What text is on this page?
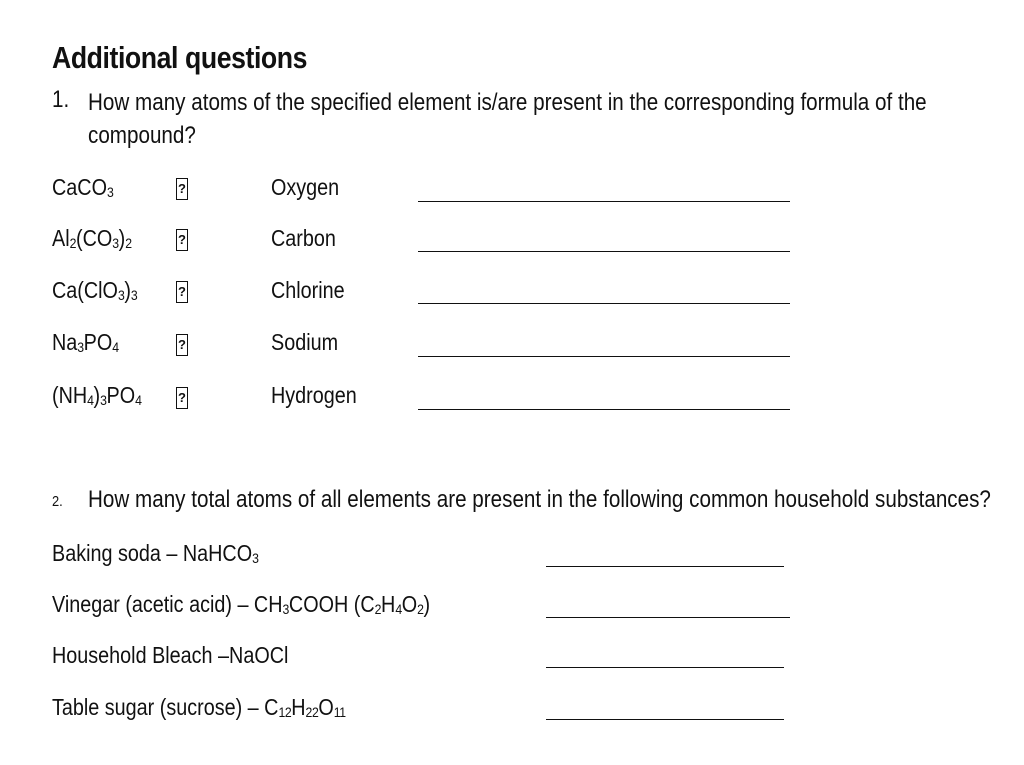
Additional questions
1. How many atoms of the specified element is/are present in the corresponding formula of the
compound?
CaCO$_3$	?	Oxygen
$Al_2(CO_3)_2$	?	Carbon
$Ca(ClO_3)_3$	?	Chlorine
$Na_3PO_4$	?	Sodium
$(NH_4)_3PO_4$	?	Hydrogen
2. How many total atoms of all elements are present in the following common household substances?
Baking soda – NaHCO$_3$
Vinegar (acetic acid) – $CH_3COOH$ $(C_2H_4O_2)$
Household Bleach –NaOCl
Table sugar (sucrose) – $C_{12}H_{22}O_{11}$
